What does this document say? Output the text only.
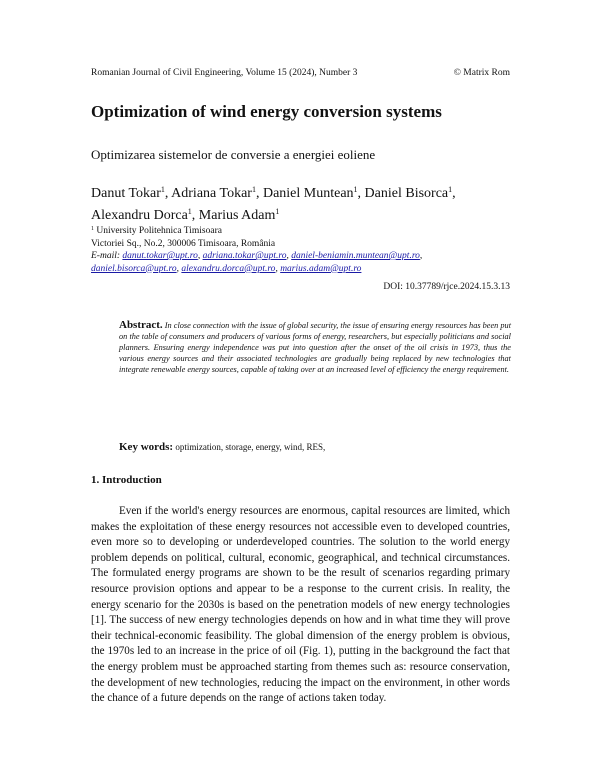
Romanian Journal of Civil Engineering, Volume 15 (2024), Number 3	© Matrix Rom
Optimization of wind energy conversion systems
Optimizarea sistemelor de conversie a energiei eoliene
Danut Tokar$^1$, Adriana Tokar$^1$, Daniel Muntean$^1$, Daniel Bisorca$^1$,
Alexandru Dorca$^1$, Marius Adam$^1$
$^1$ University Politehnica Timisoara
Victoriei Sq., No.2, 300006 Timisoara, România
E-mail: danut.tokar@upt.ro, adriana.tokar@upt.ro, daniel-beniamin.muntean@upt.ro,
daniel.bisorca@upt.ro, alexandru.dorca@upt.ro, marius.adam@upt.ro
DOI: 10.37789/rjce.2024.15.3.13
Abstract. In close connection with the issue of global security, the issue of ensuring energy resources has been put on the table of consumers and producers of various forms of energy, researchers, but especially politicians and social planners. Ensuring energy independence was put into question after the onset of the oil crisis in 1973, thus the various energy sources and their associated technologies are gradually being replaced by new technologies that integrate renewable energy sources, capable of taking over at an increased level of efficiency the energy requirement.
Key words: optimization, storage, energy, wind, RES,
1. Introduction
Even if the world's energy resources are enormous, capital resources are limited, which makes the exploitation of these energy resources not accessible even to developed countries, even more so to developing or underdeveloped countries. The solution to the world energy problem depends on political, cultural, economic, geographical, and technical circumstances. The formulated energy programs are shown to be the result of scenarios regarding primary resource provision options and appear to be a response to the current crisis. In reality, the energy scenario for the 2030s is based on the penetration models of new energy technologies [1]. The success of new energy technologies depends on how and in what time they will prove their technical-economic feasibility. The global dimension of the energy problem is obvious, the 1970s led to an increase in the price of oil (Fig. 1), putting in the background the fact that the energy problem must be approached starting from themes such as: resource conservation, the development of new technologies, reducing the impact on the environment, in other words the chance of a future depends on the range of actions taken today.
